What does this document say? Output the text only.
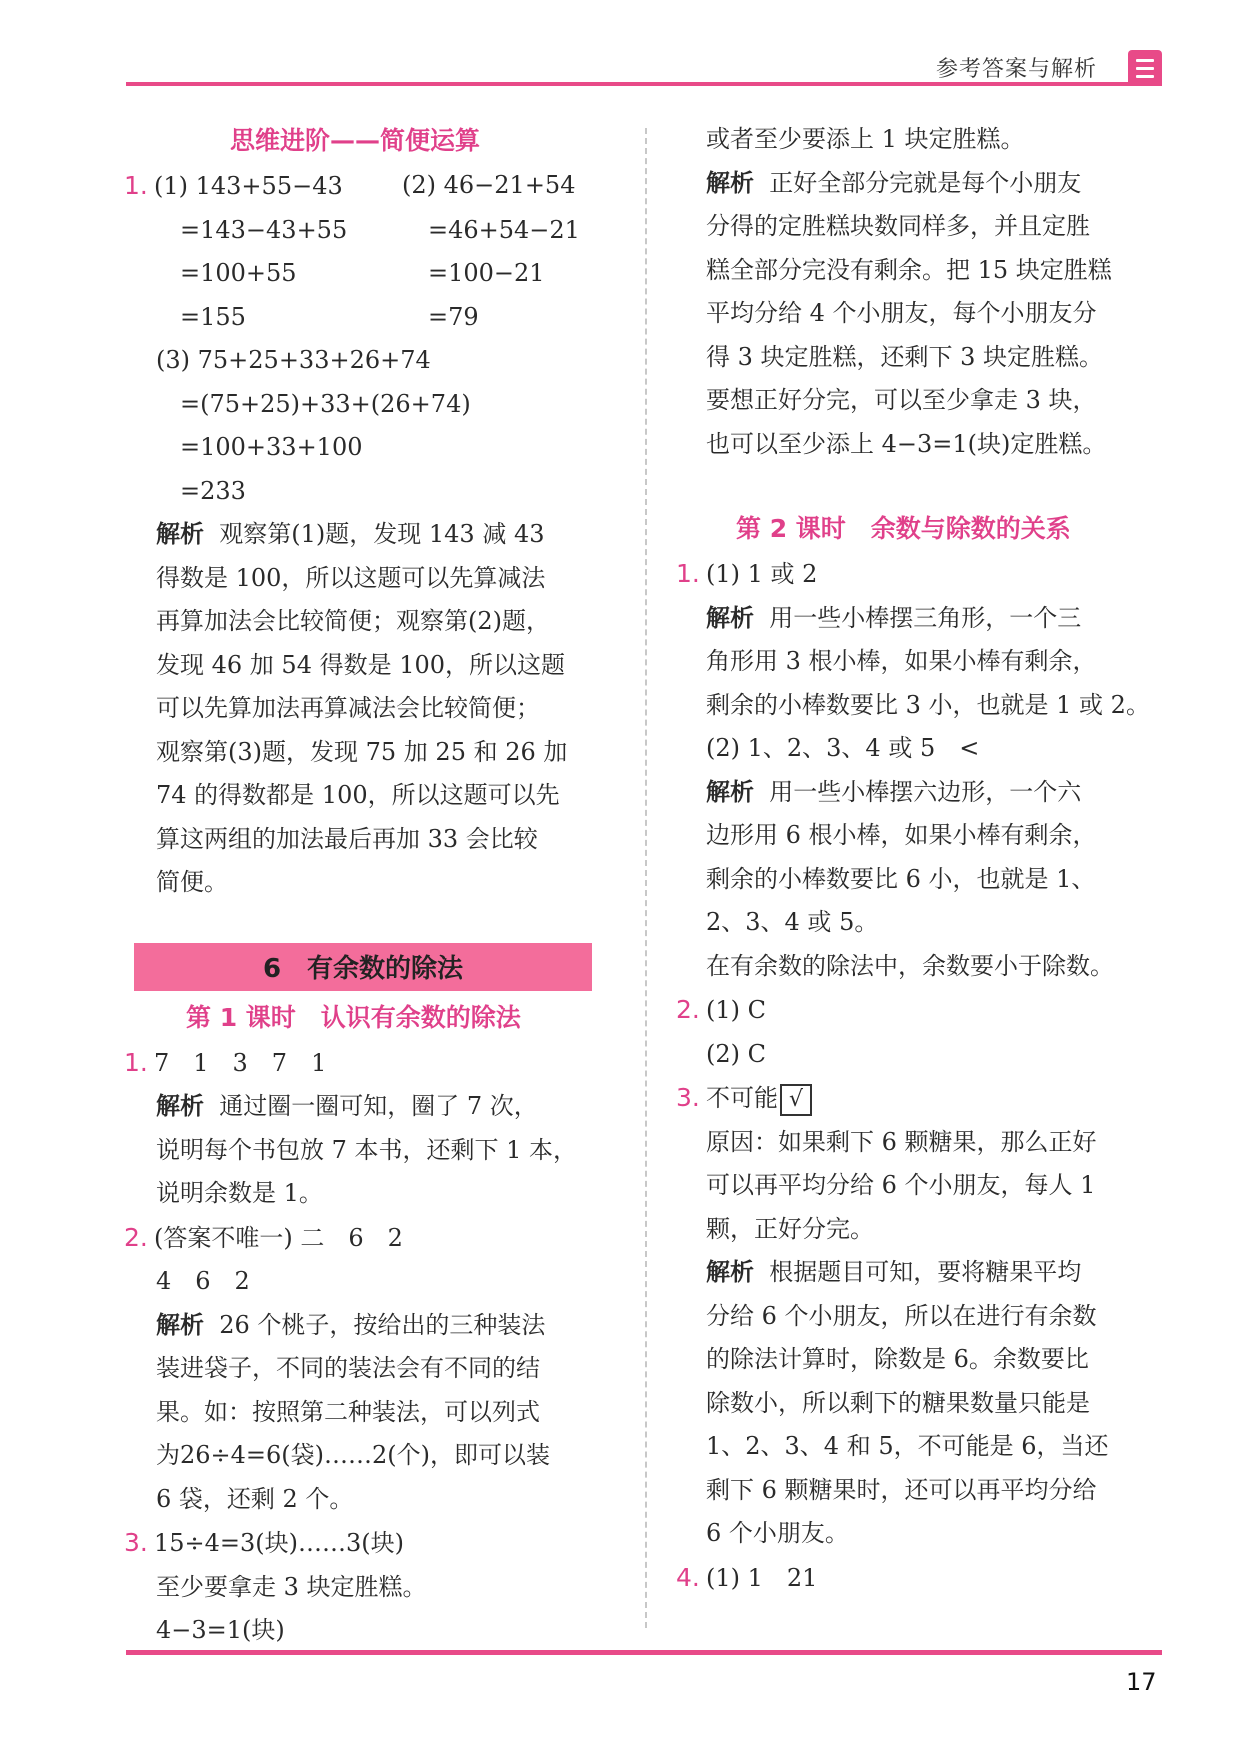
参考答案与解析
思维进阶——简便运算
1. (1) 143+55−43	(2) 46−21+54
=143−43+55	=46+54−21
=100+55	=100−21
=155	=79
(3) 75+25+33+26+74
=(75+25)+33+(26+74)
=100+33+100
=233
解析 观察第(1)题，发现 143 减 43
得数是 100，所以这题可以先算减法
再算加法会比较简便；观察第(2)题，
发现 46 加 54 得数是 100，所以这题
可以先算加法再算减法会比较简便；
观察第(3)题，发现 75 加 25 和 26 加
74 的得数都是 100，所以这题可以先
算这两组的加法最后再加 33 会比较
简便。
6　有余数的除法
第 1 课时　认识有余数的除法
1. 7　1　3　7　1
解析 通过圈一圈可知，圈了 7 次，
说明每个书包放 7 本书，还剩下 1 本，
说明余数是 1。
2. (答案不唯一) 二　6　2
4　6　2
解析 26 个桃子，按给出的三种装法
装进袋子，不同的装法会有不同的结
果。如：按照第二种装法，可以列式
为26÷4=6(袋)……2(个)，即可以装
6 袋，还剩 2 个。
3. 15÷4=3(块)……3(块)
至少要拿走 3 块定胜糕。
4−3=1(块)
或者至少要添上 1 块定胜糕。
解析 正好全部分完就是每个小朋友
分得的定胜糕块数同样多，并且定胜
糕全部分完没有剩余。把 15 块定胜糕
平均分给 4 个小朋友，每个小朋友分
得 3 块定胜糕，还剩下 3 块定胜糕。
要想正好分完，可以至少拿走 3 块，
也可以至少添上 4−3=1(块)定胜糕。
第 2 课时　余数与除数的关系
1. (1) 1 或 2
解析 用一些小棒摆三角形，一个三
角形用 3 根小棒，如果小棒有剩余，
剩余的小棒数要比 3 小，也就是 1 或 2。
(2) 1、2、3、4 或 5　<
解析 用一些小棒摆六边形，一个六
边形用 6 根小棒，如果小棒有剩余，
剩余的小棒数要比 6 小，也就是 1、
2、3、4 或 5。
在有余数的除法中，余数要小于除数。
2. (1) C
(2) C
3. 不可能 √
原因：如果剩下 6 颗糖果，那么正好
可以再平均分给 6 个小朋友，每人 1
颗，正好分完。
解析 根据题目可知，要将糖果平均
分给 6 个小朋友，所以在进行有余数
的除法计算时，除数是 6。余数要比
除数小，所以剩下的糖果数量只能是
1、2、3、4 和 5，不可能是 6，当还
剩下 6 颗糖果时，还可以再平均分给
6 个小朋友。
4. (1) 1　21
17
